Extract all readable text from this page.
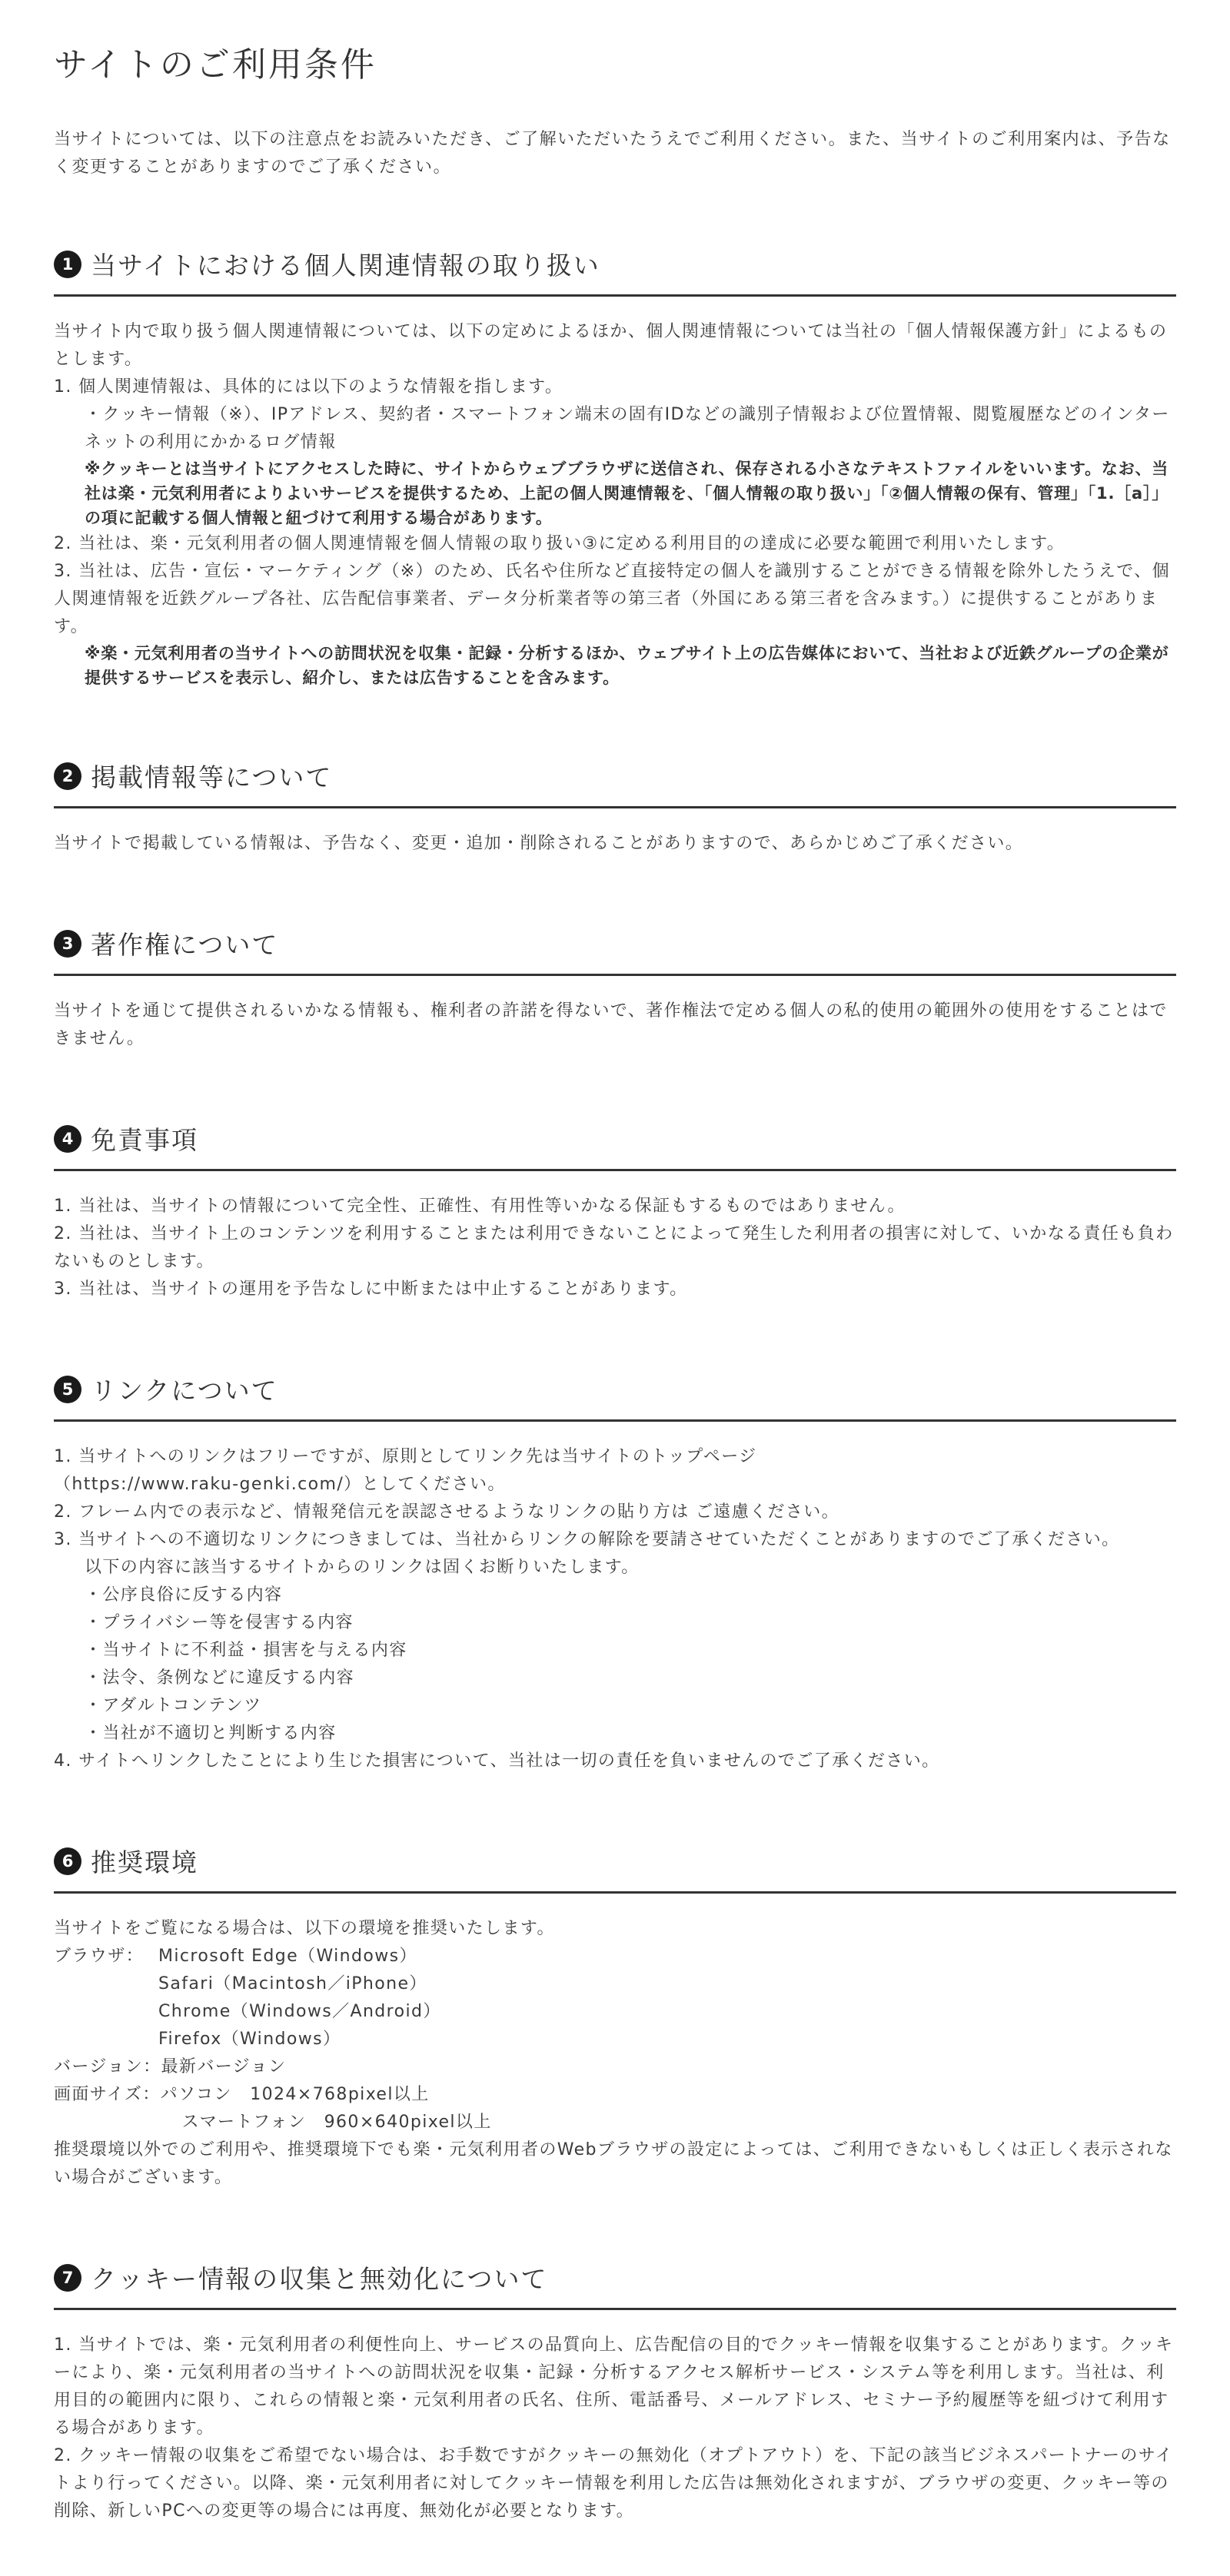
サイトのご利用条件

当サイトについては、以下の注意点をお読みいただき、ご了解いただいたうえでご利用ください。また、当サイトのご利用案内は、予告なく変更することがありますのでご了承ください。

1 当サイトにおける個人関連情報の取り扱い

当サイト内で取り扱う個人関連情報については、以下の定めによるほか、個人関連情報については当社の「個人情報保護方針」によるものとします。

1. 個人関連情報は、具体的には以下のような情報を指します。

・クッキー情報（※）、IPアドレス、契約者・スマートフォン端末の固有IDなどの識別子情報および位置情報、閲覧履歴などのインターネットの利用にかかるログ情報

※クッキーとは当サイトにアクセスした時に、サイトからウェブブラウザに送信され、保存される小さなテキストファイルをいいます。なお、当社は楽・元気利用者によりよいサービスを提供するため、上記の個人関連情報を、「個人情報の取り扱い」「②個人情報の保有、管理」「1.［a］」の項に記載する個人情報と紐づけて利用する場合があります。

2. 当社は、楽・元気利用者の個人関連情報を個人情報の取り扱い③に定める利用目的の達成に必要な範囲で利用いたします。

3. 当社は、広告・宣伝・マーケティング（※）のため、氏名や住所など直接特定の個人を識別することができる情報を除外したうえで、個人関連情報を近鉄グループ各社、広告配信事業者、データ分析業者等の第三者（外国にある第三者を含みます。）に提供することがあります。

※楽・元気利用者の当サイトへの訪問状況を収集・記録・分析するほか、ウェブサイト上の広告媒体において、当社および近鉄グループの企業が提供するサービスを表示し、紹介し、または広告することを含みます。

2 掲載情報等について

当サイトで掲載している情報は、予告なく、変更・追加・削除されることがありますので、あらかじめご了承ください。

3 著作権について

当サイトを通じて提供されるいかなる情報も、権利者の許諾を得ないで、著作権法で定める個人の私的使用の範囲外の使用をすることはできません。

4 免責事項

1. 当社は、当サイトの情報について完全性、正確性、有用性等いかなる保証もするものではありません。

2. 当社は、当サイト上のコンテンツを利用することまたは利用できないことによって発生した利用者の損害に対して、いかなる責任も負わないものとします。

3. 当社は、当サイトの運用を予告なしに中断または中止することがあります。

5 リンクについて

1. 当サイトへのリンクはフリーですが、原則としてリンク先は当サイトのトップページ

（https://www.raku-genki.com/）としてください。

2. フレーム内での表示など、情報発信元を誤認させるようなリンクの貼り方は ご遠慮ください。

3. 当サイトへの不適切なリンクにつきましては、当社からリンクの解除を要請させていただくことがありますのでご了承ください。

以下の内容に該当するサイトからのリンクは固くお断りいたします。

・公序良俗に反する内容

・プライバシー等を侵害する内容

・当サイトに不利益・損害を与える内容

・法令、条例などに違反する内容

・アダルトコンテンツ

・当社が不適切と判断する内容

4. サイトへリンクしたことにより生じた損害について、当社は一切の責任を負いませんのでご了承ください。

6 推奨環境

当サイトをご覧になる場合は、以下の環境を推奨いたします。

ブラウザ： Microsoft Edge（Windows）
Safari（Macintosh／iPhone）
Chrome（Windows／Android）
Firefox（Windows）

バージョン：最新バージョン

画面サイズ： パソコン　1024×768pixel以上
スマートフォン　960×640pixel以上

推奨環境以外でのご利用や、推奨環境下でも楽・元気利用者のWebブラウザの設定によっては、ご利用できないもしくは正しく表示されない場合がございます。

7 クッキー情報の収集と無効化について

1. 当サイトでは、楽・元気利用者の利便性向上、サービスの品質向上、広告配信の目的でクッキー情報を収集することがあります。クッキーにより、楽・元気利用者の当サイトへの訪問状況を収集・記録・分析するアクセス解析サービス・システム等を利用します。当社は、利用目的の範囲内に限り、これらの情報と楽・元気利用者の氏名、住所、電話番号、メールアドレス、セミナー予約履歴等を紐づけて利用する場合があります。

2. クッキー情報の収集をご希望でない場合は、お手数ですがクッキーの無効化（オプトアウト）を、下記の該当ビジネスパートナーのサイトより行ってください。以降、楽・元気利用者に対してクッキー情報を利用した広告は無効化されますが、ブラウザの変更、クッキー等の削除、新しいPCへの変更等の場合には再度、無効化が必要となります。
